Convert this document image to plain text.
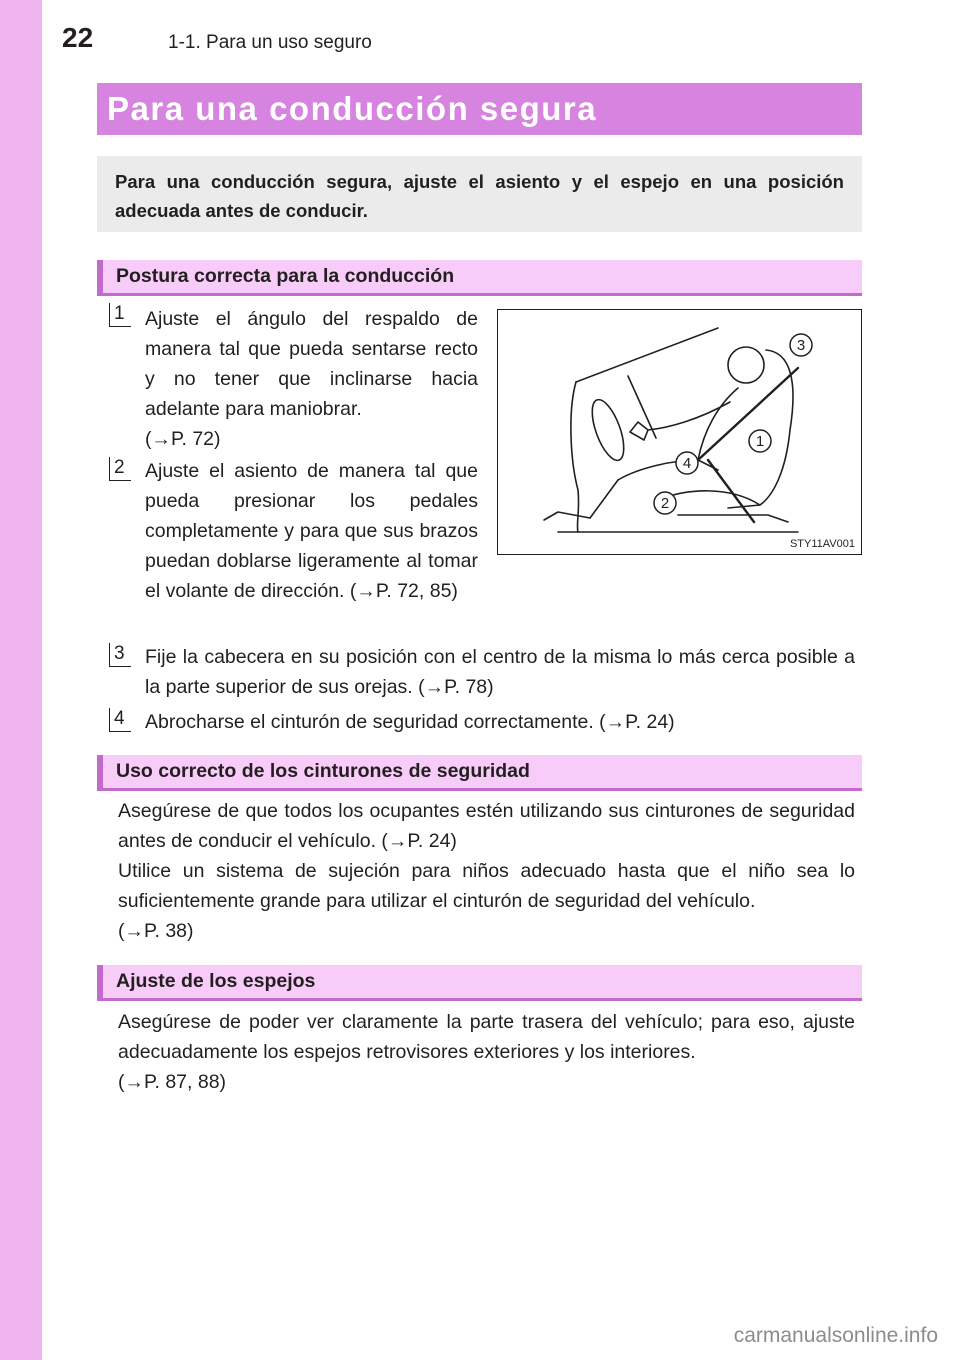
22	1-1. Para un uso seguro
Para una conducción segura
Para una conducción segura, ajuste el asiento y el espejo en una posición adecuada antes de conducir.
Postura correcta para la conducción
1	Ajuste el ángulo del respaldo de manera tal que pueda sentarse recto y no tener que inclinarse hacia adelante para maniobrar.
(→P. 72)
2	Ajuste el asiento de manera tal que pueda presionar los pedales completamente y para que sus brazos puedan doblarse ligeramente al tomar el volante de dirección. (→P. 72, 85)
3
1
4
2
STY11AV001
3	Fije la cabecera en su posición con el centro de la misma lo más cerca posible a la parte superior de sus orejas. (→P. 78)
4	Abrocharse el cinturón de seguridad correctamente. (→P. 24)
Uso correcto de los cinturones de seguridad
Asegúrese de que todos los ocupantes estén utilizando sus cinturones de seguridad antes de conducir el vehículo. (→P. 24)
Utilice un sistema de sujeción para niños adecuado hasta que el niño sea lo suficientemente grande para utilizar el cinturón de seguridad del vehículo.
(→P. 38)
Ajuste de los espejos
Asegúrese de poder ver claramente la parte trasera del vehículo; para eso, ajuste adecuadamente los espejos retrovisores exteriores y los interiores.
(→P. 87, 88)
carmanualsonline.info
